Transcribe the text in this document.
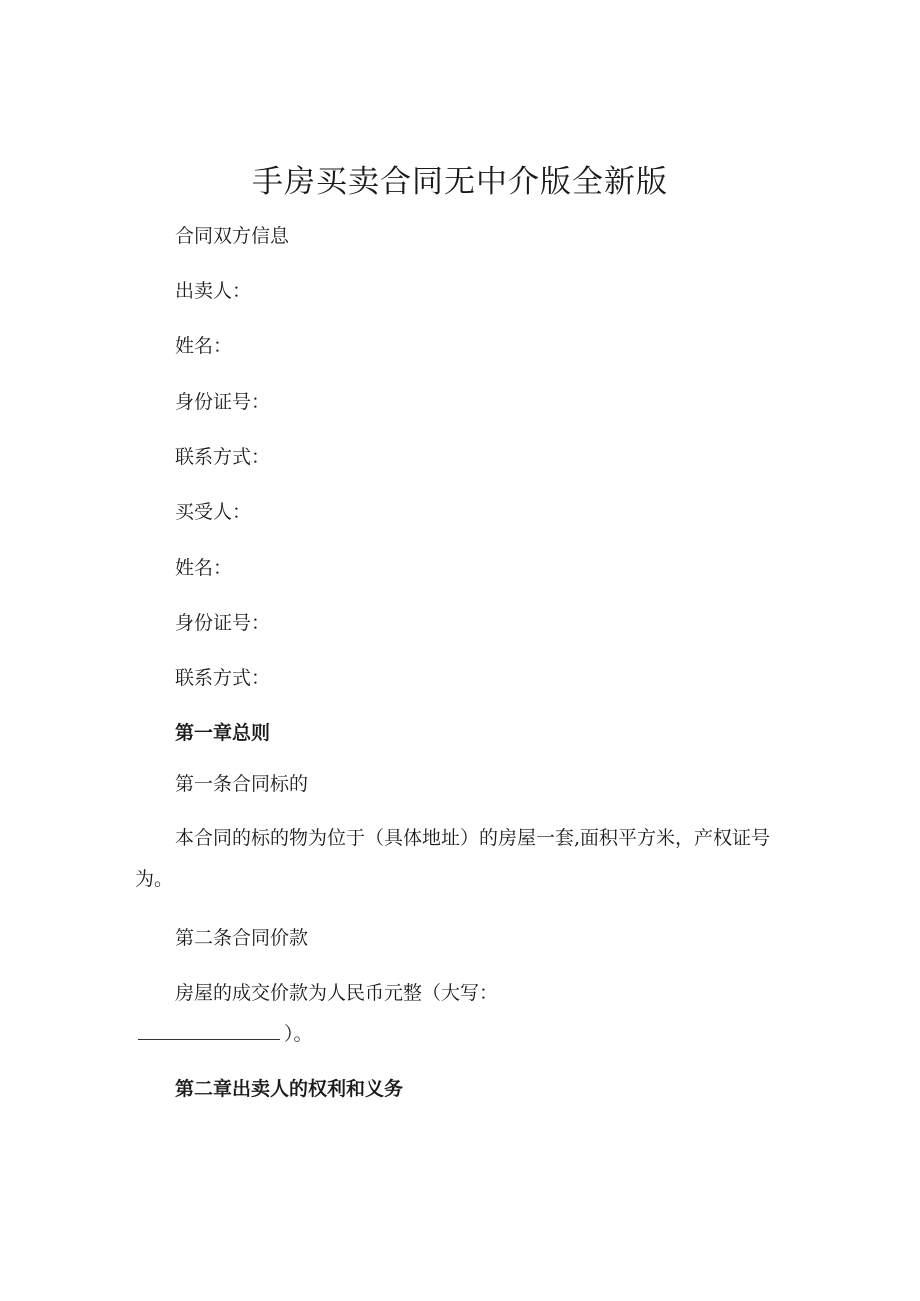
手房买卖合同无中介版全新版
合同双方信息
出卖人：
姓名：
身份证号：
联系方式：
买受人：
姓名：
身份证号：
联系方式：
第一章总则
第一条合同标的
本合同的标的物为位于（具体地址）的房屋一套,面积平方米，产权证号为。
第二条合同价款
房屋的成交价款为人民币元整（大写：
）。
第二章出卖人的权利和义务
